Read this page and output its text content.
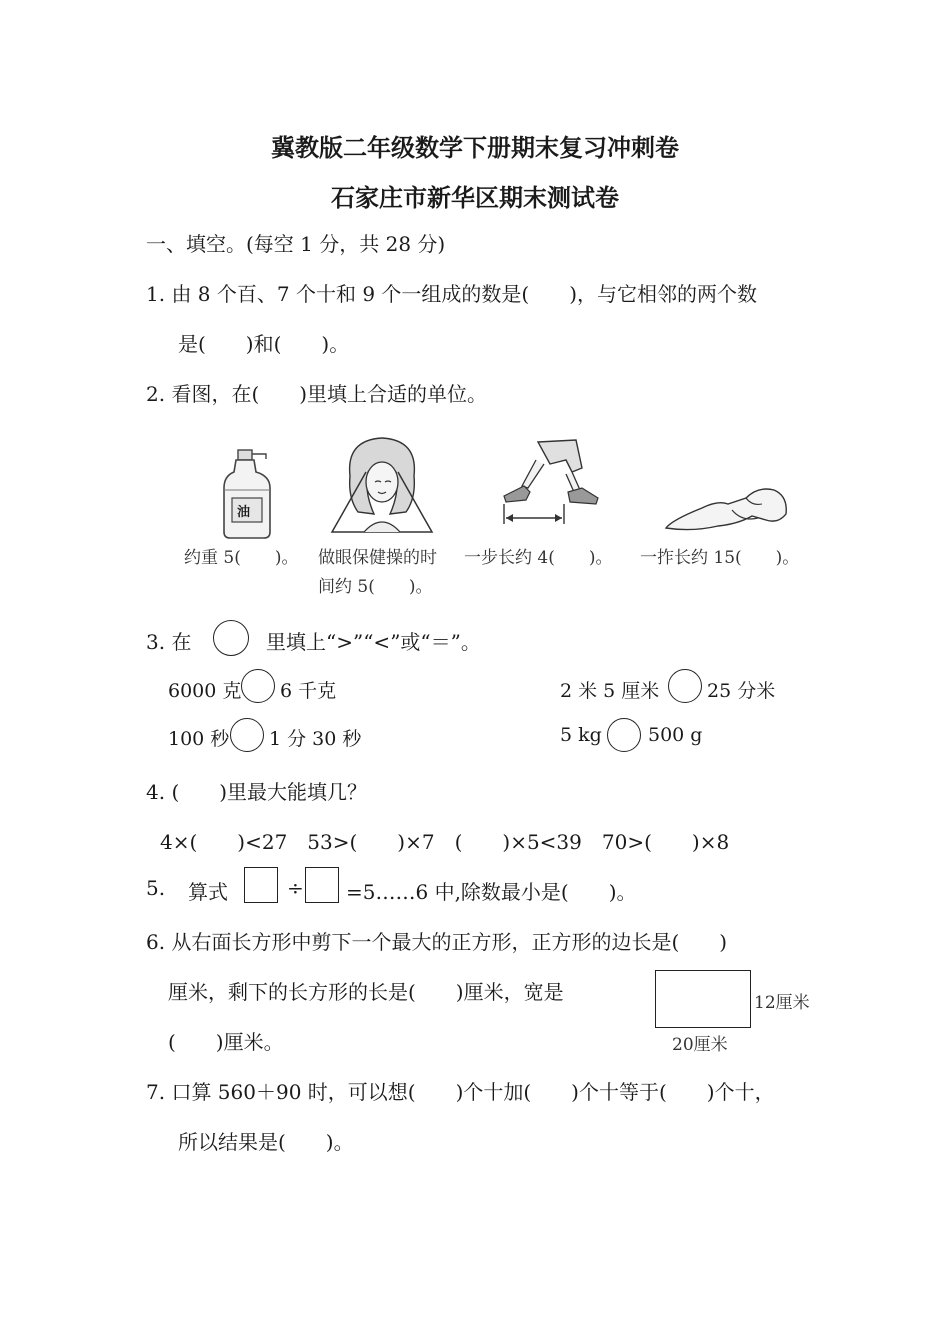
冀教版二年级数学下册期末复习冲刺卷
石家庄市新华区期末测试卷
一、填空。(每空 1 分，共 28 分)
1. 由 8 个百、7 个十和 9 个一组成的数是(　　)，与它相邻的两个数
是(　　)和(　　)。
2. 看图，在(　　)里填上合适的单位。
油
约重 5(　　)。 做眼保健操的时
间约 5(　　)。
一步长约 4(　　)。 一拃长约 15(　　)。
3. 在	里填上“>”“<”或“＝”。
6000 克 6 千克	2 米 5 厘米	25 分米
100 秒 1 分 30 秒	5 kg 500 g
4. (　　)里最大能填几？
4×(　　)<27　53>(　　)×7　(　　)×5<39　70>(　　)×8
5. 算式	÷ =5……6 中,除数最小是(　　)。
6. 从右面长方形中剪下一个最大的正方形，正方形的边长是(　　)
厘米，剩下的长方形的长是(　　)厘米，宽是
(　　)厘米。
12厘米
20厘米
7. 口算 560＋90 时，可以想(　　)个十加(　　)个十等于(　　)个十，
所以结果是(　　)。
